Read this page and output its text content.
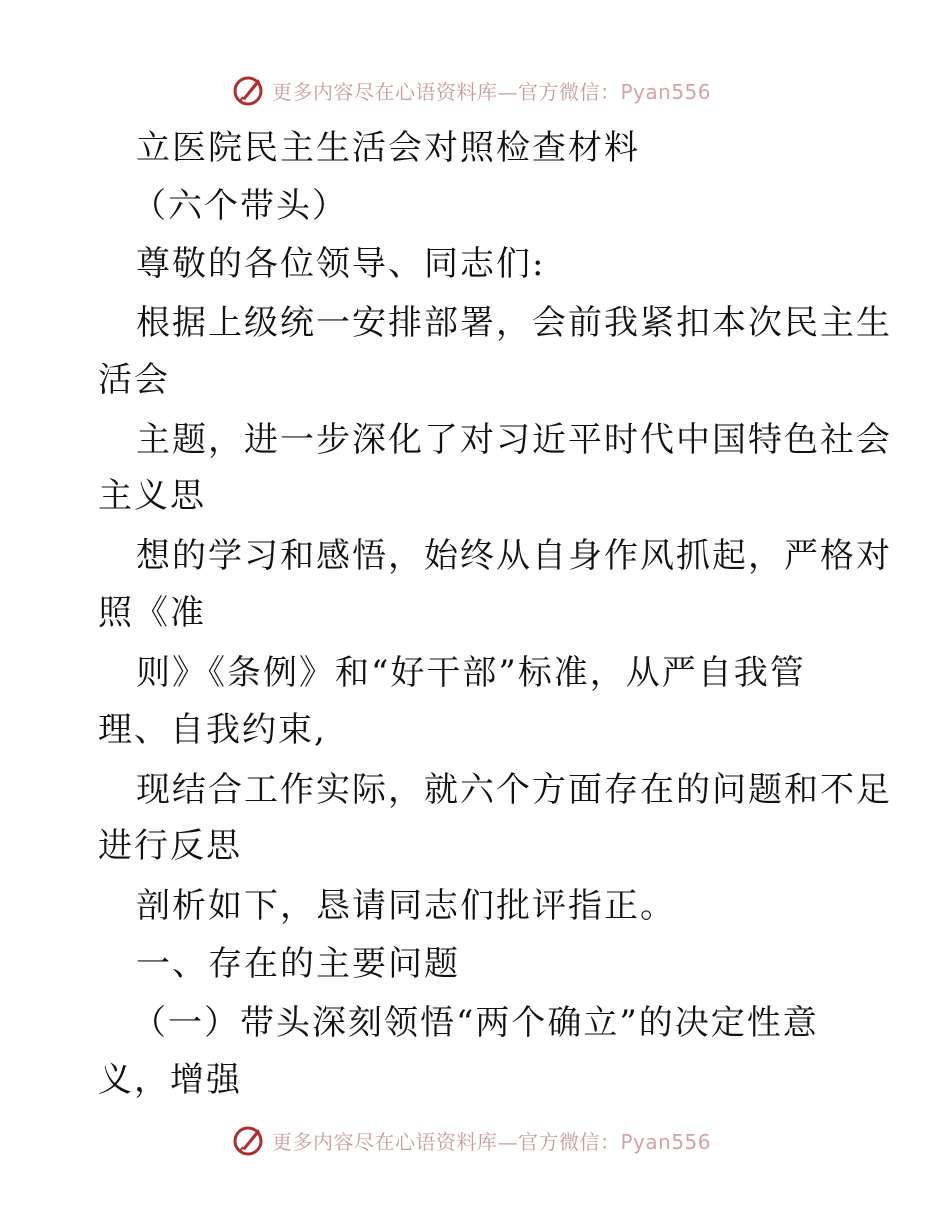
更多内容尽在心语资料库—官方微信：Pyan556
立医院民主生活会对照检查材料
（六个带头）
尊敬的各位领导、同志们:
根据上级统一安排部署，会前我紧扣本次民主生
活会
主题，进一步深化了对习近平时代中国特色社会
主义思
想的学习和感悟，始终从自身作风抓起，严格对
照《准
则》《条例》和“好干部”标准，从严自我管
理、自我约束,
现结合工作实际，就六个方面存在的问题和不足
进行反思
剖析如下，恳请同志们批评指正。
一、存在的主要问题
（一）带头深刻领悟“两个确立”的决定性意
义，增强
更多内容尽在心语资料库—官方微信：Pyan556
